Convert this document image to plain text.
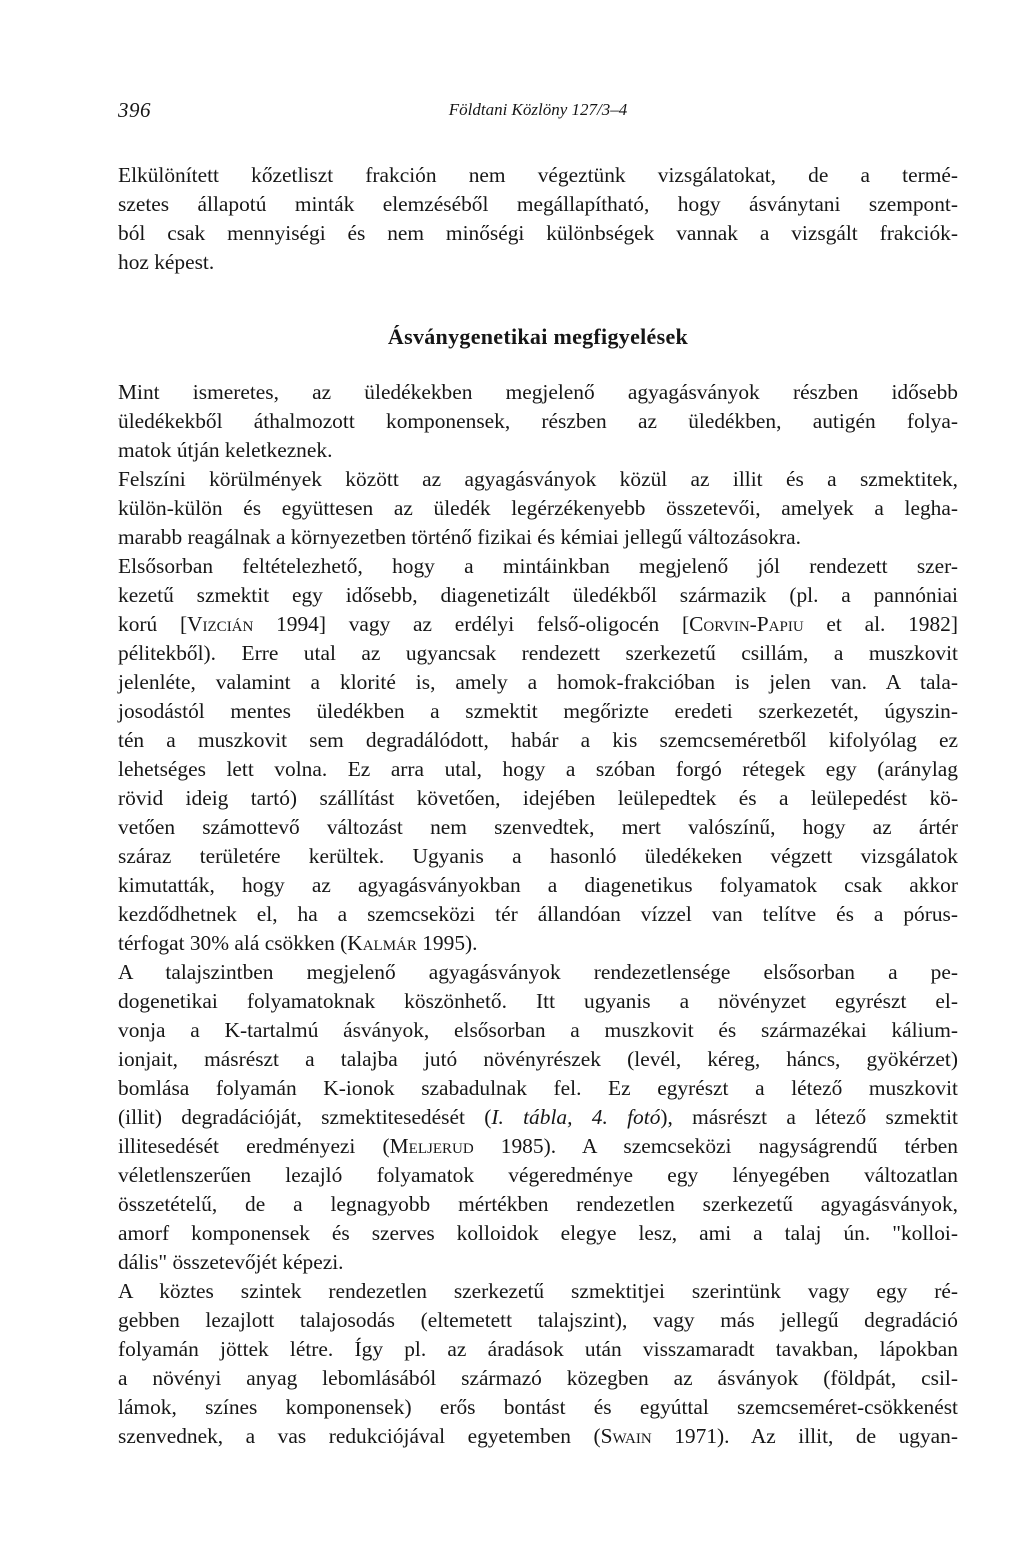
396	Földtani Közlöny 127/3–4
Elkülönített kőzetliszt frakción nem végeztünk vizsgálatokat, de a termé-
szetes állapotú minták elemzéséből megállapítható, hogy ásványtani szempont-
ból csak mennyiségi és nem minőségi különbségek vannak a vizsgált frakciók-
hoz képest.
Ásványgenetikai megfigyelések
Mint ismeretes, az üledékekben megjelenő agyagásványok részben idősebb
üledékekből áthalmozott komponensek, részben az üledékben, autigén folya-
matok útján keletkeznek.
Felszíni körülmények között az agyagásványok közül az illit és a szmektitek,
külön-külön és együttesen az üledék legérzékenyebb összetevői, amelyek a legha-
marabb reagálnak a környezetben történő fizikai és kémiai jellegű változásokra.
Elsősorban feltételezhető, hogy a mintáinkban megjelenő jól rendezett szer-
kezetű szmektit egy idősebb, diagenetizált üledékből származik (pl. a pannóniai
korú [Vizcián 1994] vagy az erdélyi felső-oligocén [Corvin-Papiu et al. 1982]
pélitekből). Erre utal az ugyancsak rendezett szerkezetű csillám, a muszkovit
jelenléte, valamint a klorité is, amely a homok-frakcióban is jelen van. A tala-
josodástól mentes üledékben a szmektit megőrizte eredeti szerkezetét, úgyszin-
tén a muszkovit sem degradálódott, habár a kis szemcseméretből kifolyólag ez
lehetséges lett volna. Ez arra utal, hogy a szóban forgó rétegek egy (aránylag
rövid ideig tartó) szállítást követően, idejében leülepedtek és a leülepedést kö-
vetően számottevő változást nem szenvedtek, mert valószínű, hogy az ártér
száraz területére kerültek. Ugyanis a hasonló üledékeken végzett vizsgálatok
kimutatták, hogy az agyagásványokban a diagenetikus folyamatok csak akkor
kezdődhetnek el, ha a szemcseközi tér állandóan vízzel van telítve és a pórus-
térfogat 30% alá csökken (Kalmár 1995).
A talajszintben megjelenő agyagásványok rendezetlensége elsősorban a pe-
dogenetikai folyamatoknak köszönhető. Itt ugyanis a növényzet egyrészt el-
vonja a K-tartalmú ásványok, elsősorban a muszkovit és származékai kálium-
ionjait, másrészt a talajba jutó növényrészek (levél, kéreg, háncs, gyökérzet)
bomlása folyamán K-ionok szabadulnak fel. Ez egyrészt a létező muszkovit
(illit) degradációját, szmektitesedését (I. tábla, 4. fotó), másrészt a létező szmektit
illitesedését eredményezi (Meljerud 1985). A szemcseközi nagyságrendű térben
véletlenszerűen lezajló folyamatok végeredménye egy lényegében változatlan
összetételű, de a legnagyobb mértékben rendezetlen szerkezetű agyagásványok,
amorf komponensek és szerves kolloidok elegye lesz, ami a talaj ún. "kolloi-
dális" összetevőjét képezi.
A köztes szintek rendezetlen szerkezetű szmektitjei szerintünk vagy egy ré-
gebben lezajlott talajosodás (eltemetett talajszint), vagy más jellegű degradáció
folyamán jöttek létre. Így pl. az áradások után visszamaradt tavakban, lápokban
a növényi anyag lebomlásából származó közegben az ásványok (földpát, csil-
lámok, színes komponensek) erős bontást és egyúttal szemcseméret-csökkenést
szenvednek, a vas redukciójával egyetemben (Swain 1971). Az illit, de ugyan-
